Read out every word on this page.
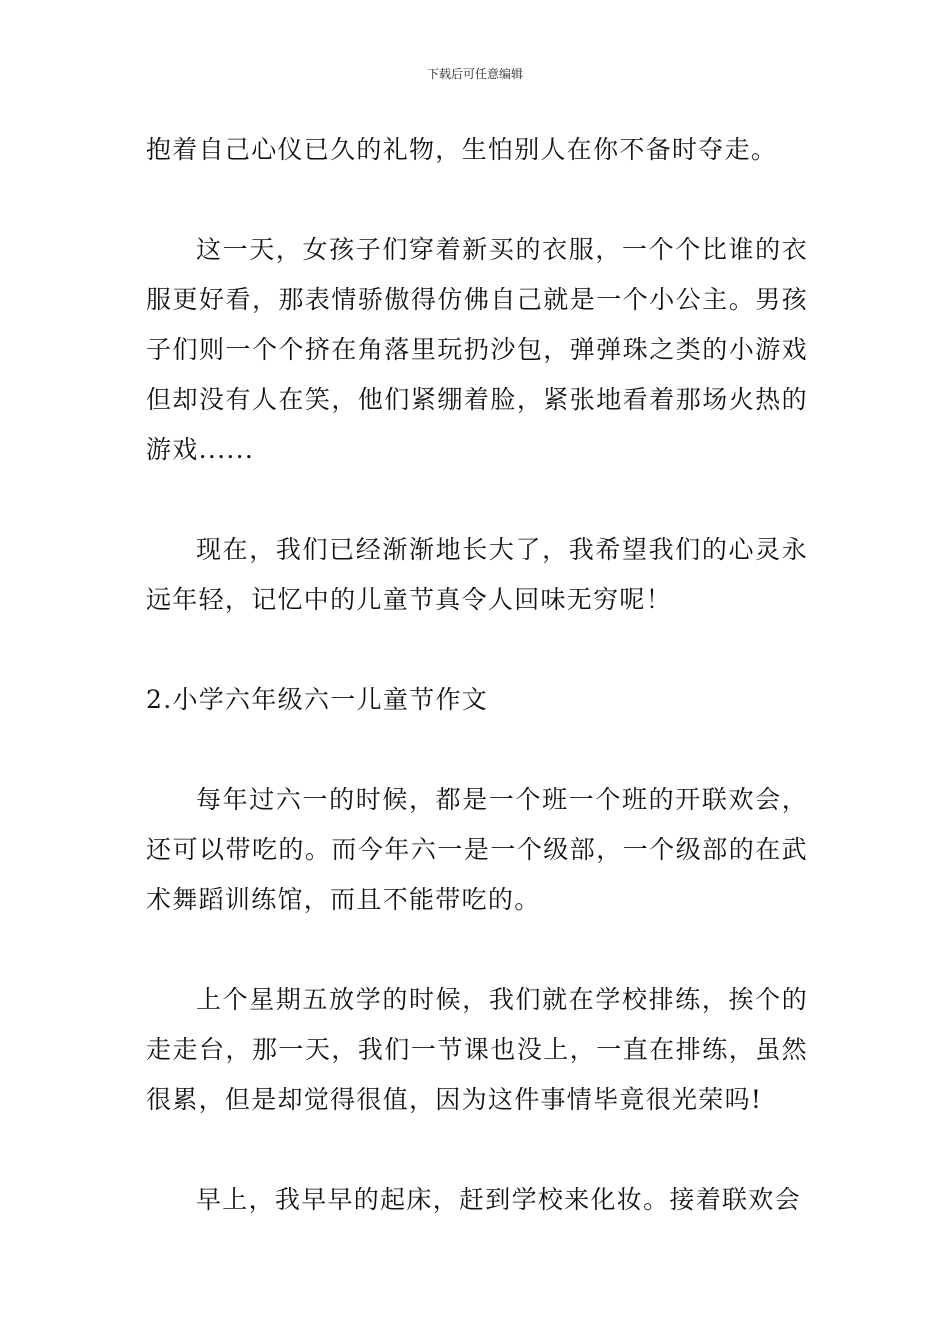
下载后可任意编辑

抱着自己心仪已久的礼物，生怕别人在你不备时夺走。

这一天，女孩子们穿着新买的衣服，一个个比谁的衣服更好看，那表情骄傲得仿佛自己就是一个小公主。男孩子们则一个个挤在角落里玩扔沙包，弹弹珠之类的小游戏但却没有人在笑，他们紧绷着脸，紧张地看着那场火热的游戏......

现在，我们已经渐渐地长大了，我希望我们的心灵永远年轻，记忆中的儿童节真令人回味无穷呢！

2.小学六年级六一儿童节作文

每年过六一的时候，都是一个班一个班的开联欢会，还可以带吃的。而今年六一是一个级部，一个级部的在武术舞蹈训练馆，而且不能带吃的。

上个星期五放学的时候，我们就在学校排练，挨个的走走台，那一天，我们一节课也没上，一直在排练，虽然很累，但是却觉得很值，因为这件事情毕竟很光荣吗!

早上，我早早的起床，赶到学校来化妆。接着联欢会
